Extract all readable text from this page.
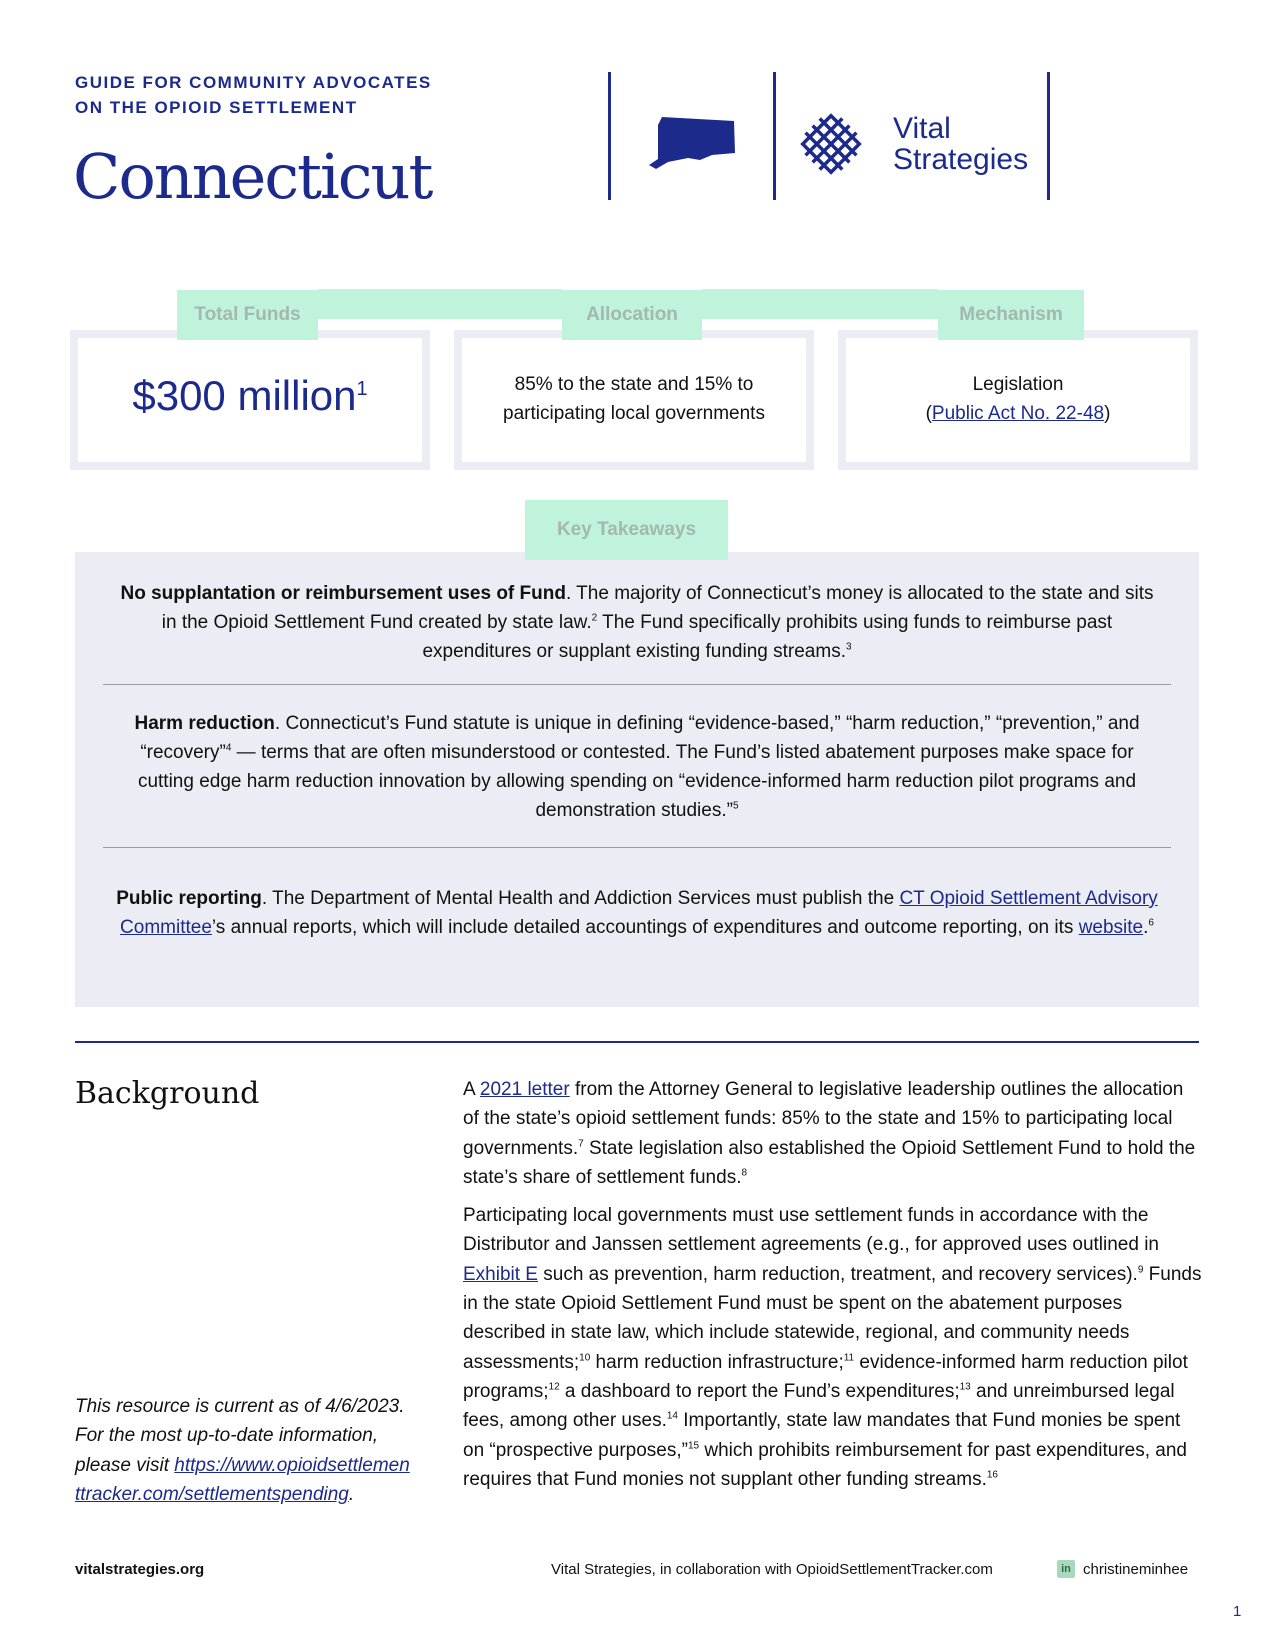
GUIDE FOR COMMUNITY ADVOCATES
ON THE OPIOID SETTLEMENT
Connecticut
Vital
Strategies
$300 million$^1$
Total Funds
85% to the state and 15% to
participating local governments
Allocation
Legislation
(Public Act No. 22-48)
Mechanism
No supplantation or reimbursement uses of Fund. The majority of Connecticut’s money is allocated to the state and sits in the Opioid Settlement Fund created by state law.$^2$ The Fund specifically prohibits using funds to reimburse past expenditures or supplant existing funding streams.$^3$
Harm reduction. Connecticut’s Fund statute is unique in defining “evidence-based,” “harm reduction,” “prevention,” and “recovery”$^4$ — terms that are often misunderstood or contested. The Fund’s listed abatement purposes make space for cutting edge harm reduction innovation by allowing spending on “evidence-informed harm reduction pilot programs and demonstration studies.”$^5$
Public reporting. The Department of Mental Health and Addiction Services must publish the CT Opioid Settlement Advisory Committee’s annual reports, which will include detailed accountings of expenditures and outcome reporting, on its website.$^6$
Key Takeaways
Background	A 2021 letter from the Attorney General to legislative leadership outlines the allocation of the state’s opioid settlement funds: 85% to the state and 15% to participating local governments.$^7$ State legislation also established the Opioid Settlement Fund to hold the state’s share of settlement funds.$^8$

Participating local governments must use settlement funds in accordance with the Distributor and Janssen settlement agreements (e.g., for approved uses outlined in Exhibit E such as prevention, harm reduction, treatment, and recovery services).$^9$ Funds in the state Opioid Settlement Fund must be spent on the abatement purposes described in state law, which include statewide, regional, and community needs assessments;$^{10}$ harm reduction infrastructure;$^{11}$ evidence-informed harm reduction pilot programs;$^{12}$ a dashboard to report the Fund’s expenditures;$^{13}$ and unreimbursed legal fees, among other uses.$^{14}$ Importantly, state law mandates that Fund monies be spent on “prospective purposes,”$^{15}$ which prohibits reimbursement for past expenditures, and requires that Fund monies not supplant other funding streams.$^{16}$

This resource is current as of 4/6/2023. For the most up-to-date information, please visit https://www.opioidsettlementtracker.com/settlementspending.
vitalstrategies.org	Vital Strategies, in collaboration with OpioidSettlementTracker.com	in christineminhee
1
